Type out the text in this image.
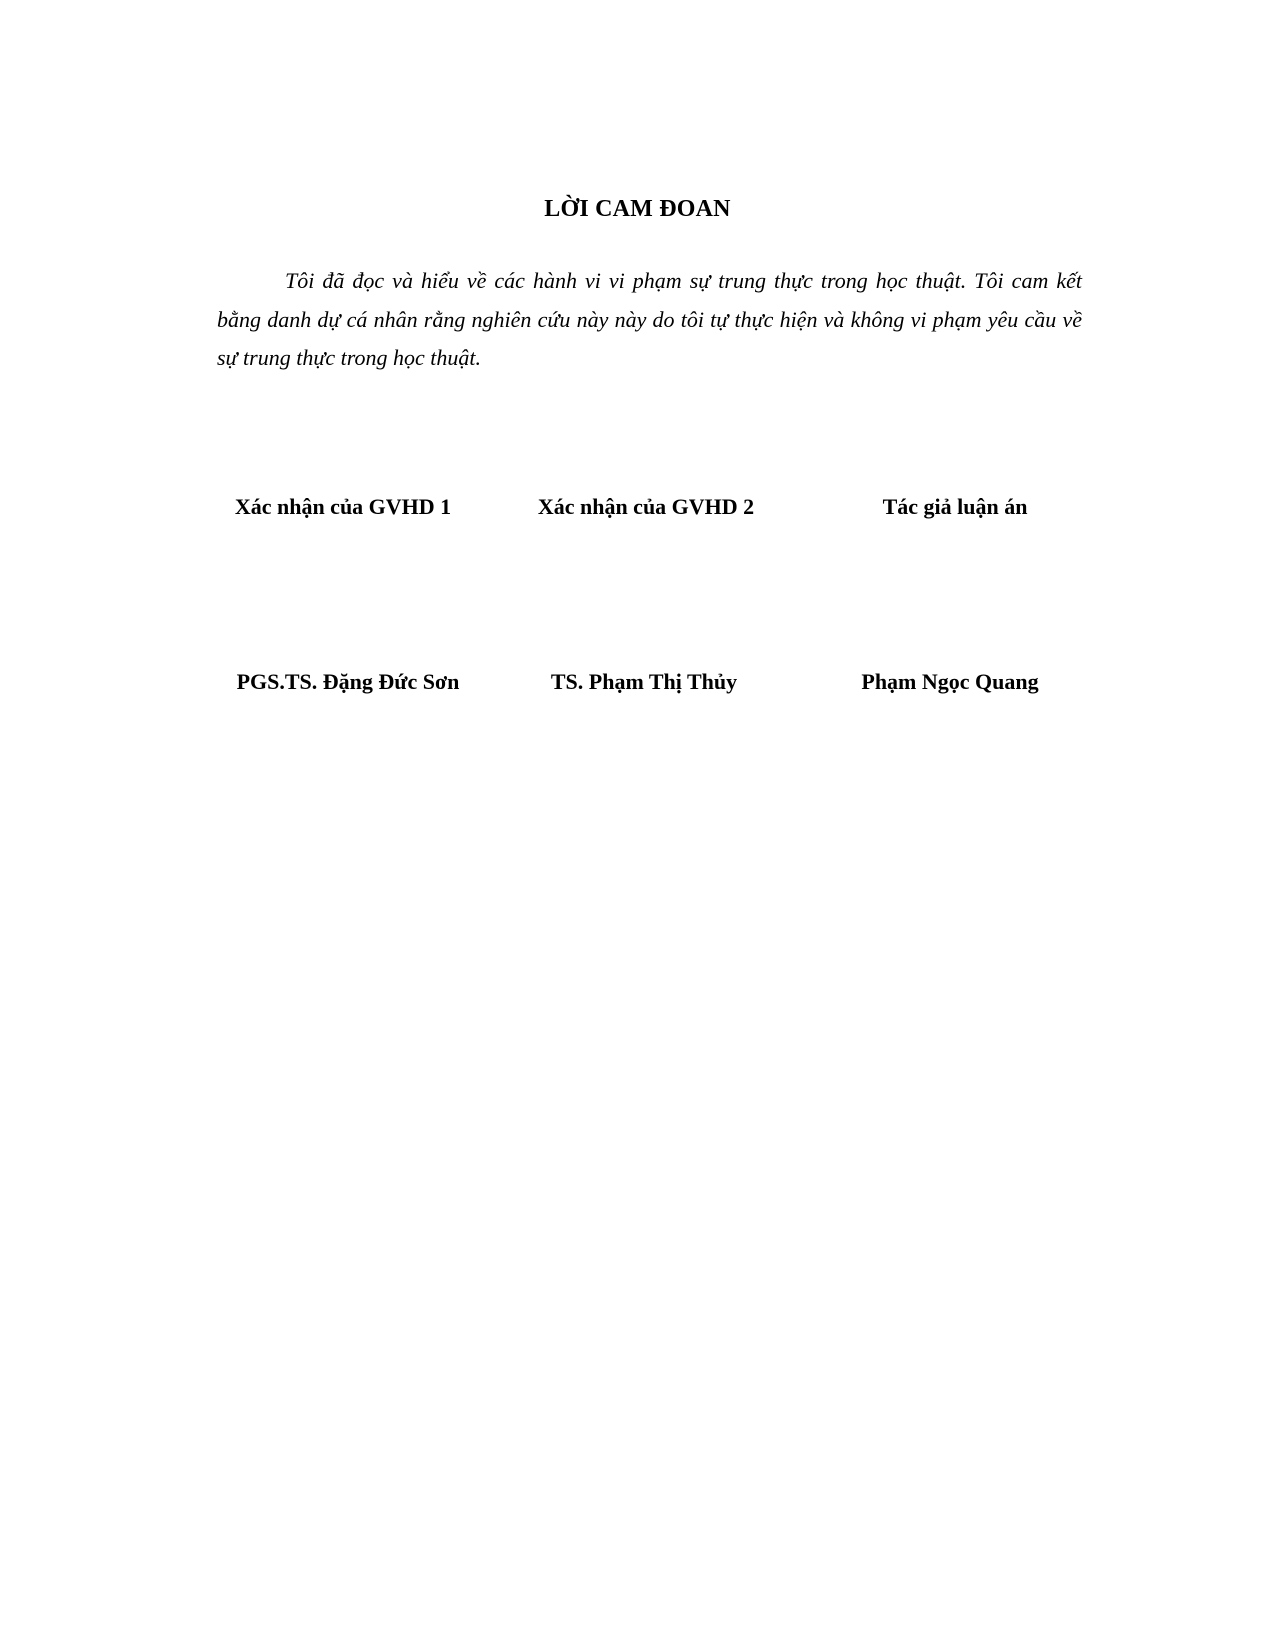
LỜI CAM ĐOAN

Tôi đã đọc và hiểu về các hành vi vi phạm sự trung thực trong học thuật. Tôi cam kết bằng danh dự cá nhân rằng nghiên cứu này này do tôi tự thực hiện và không vi phạm yêu cầu về sự trung thực trong học thuật.

Xác nhận của GVHD 1	Xác nhận của GVHD 2	Tác giả luận án
PGS.TS. Đặng Đức Sơn	TS. Phạm Thị Thủy	Phạm Ngọc Quang
